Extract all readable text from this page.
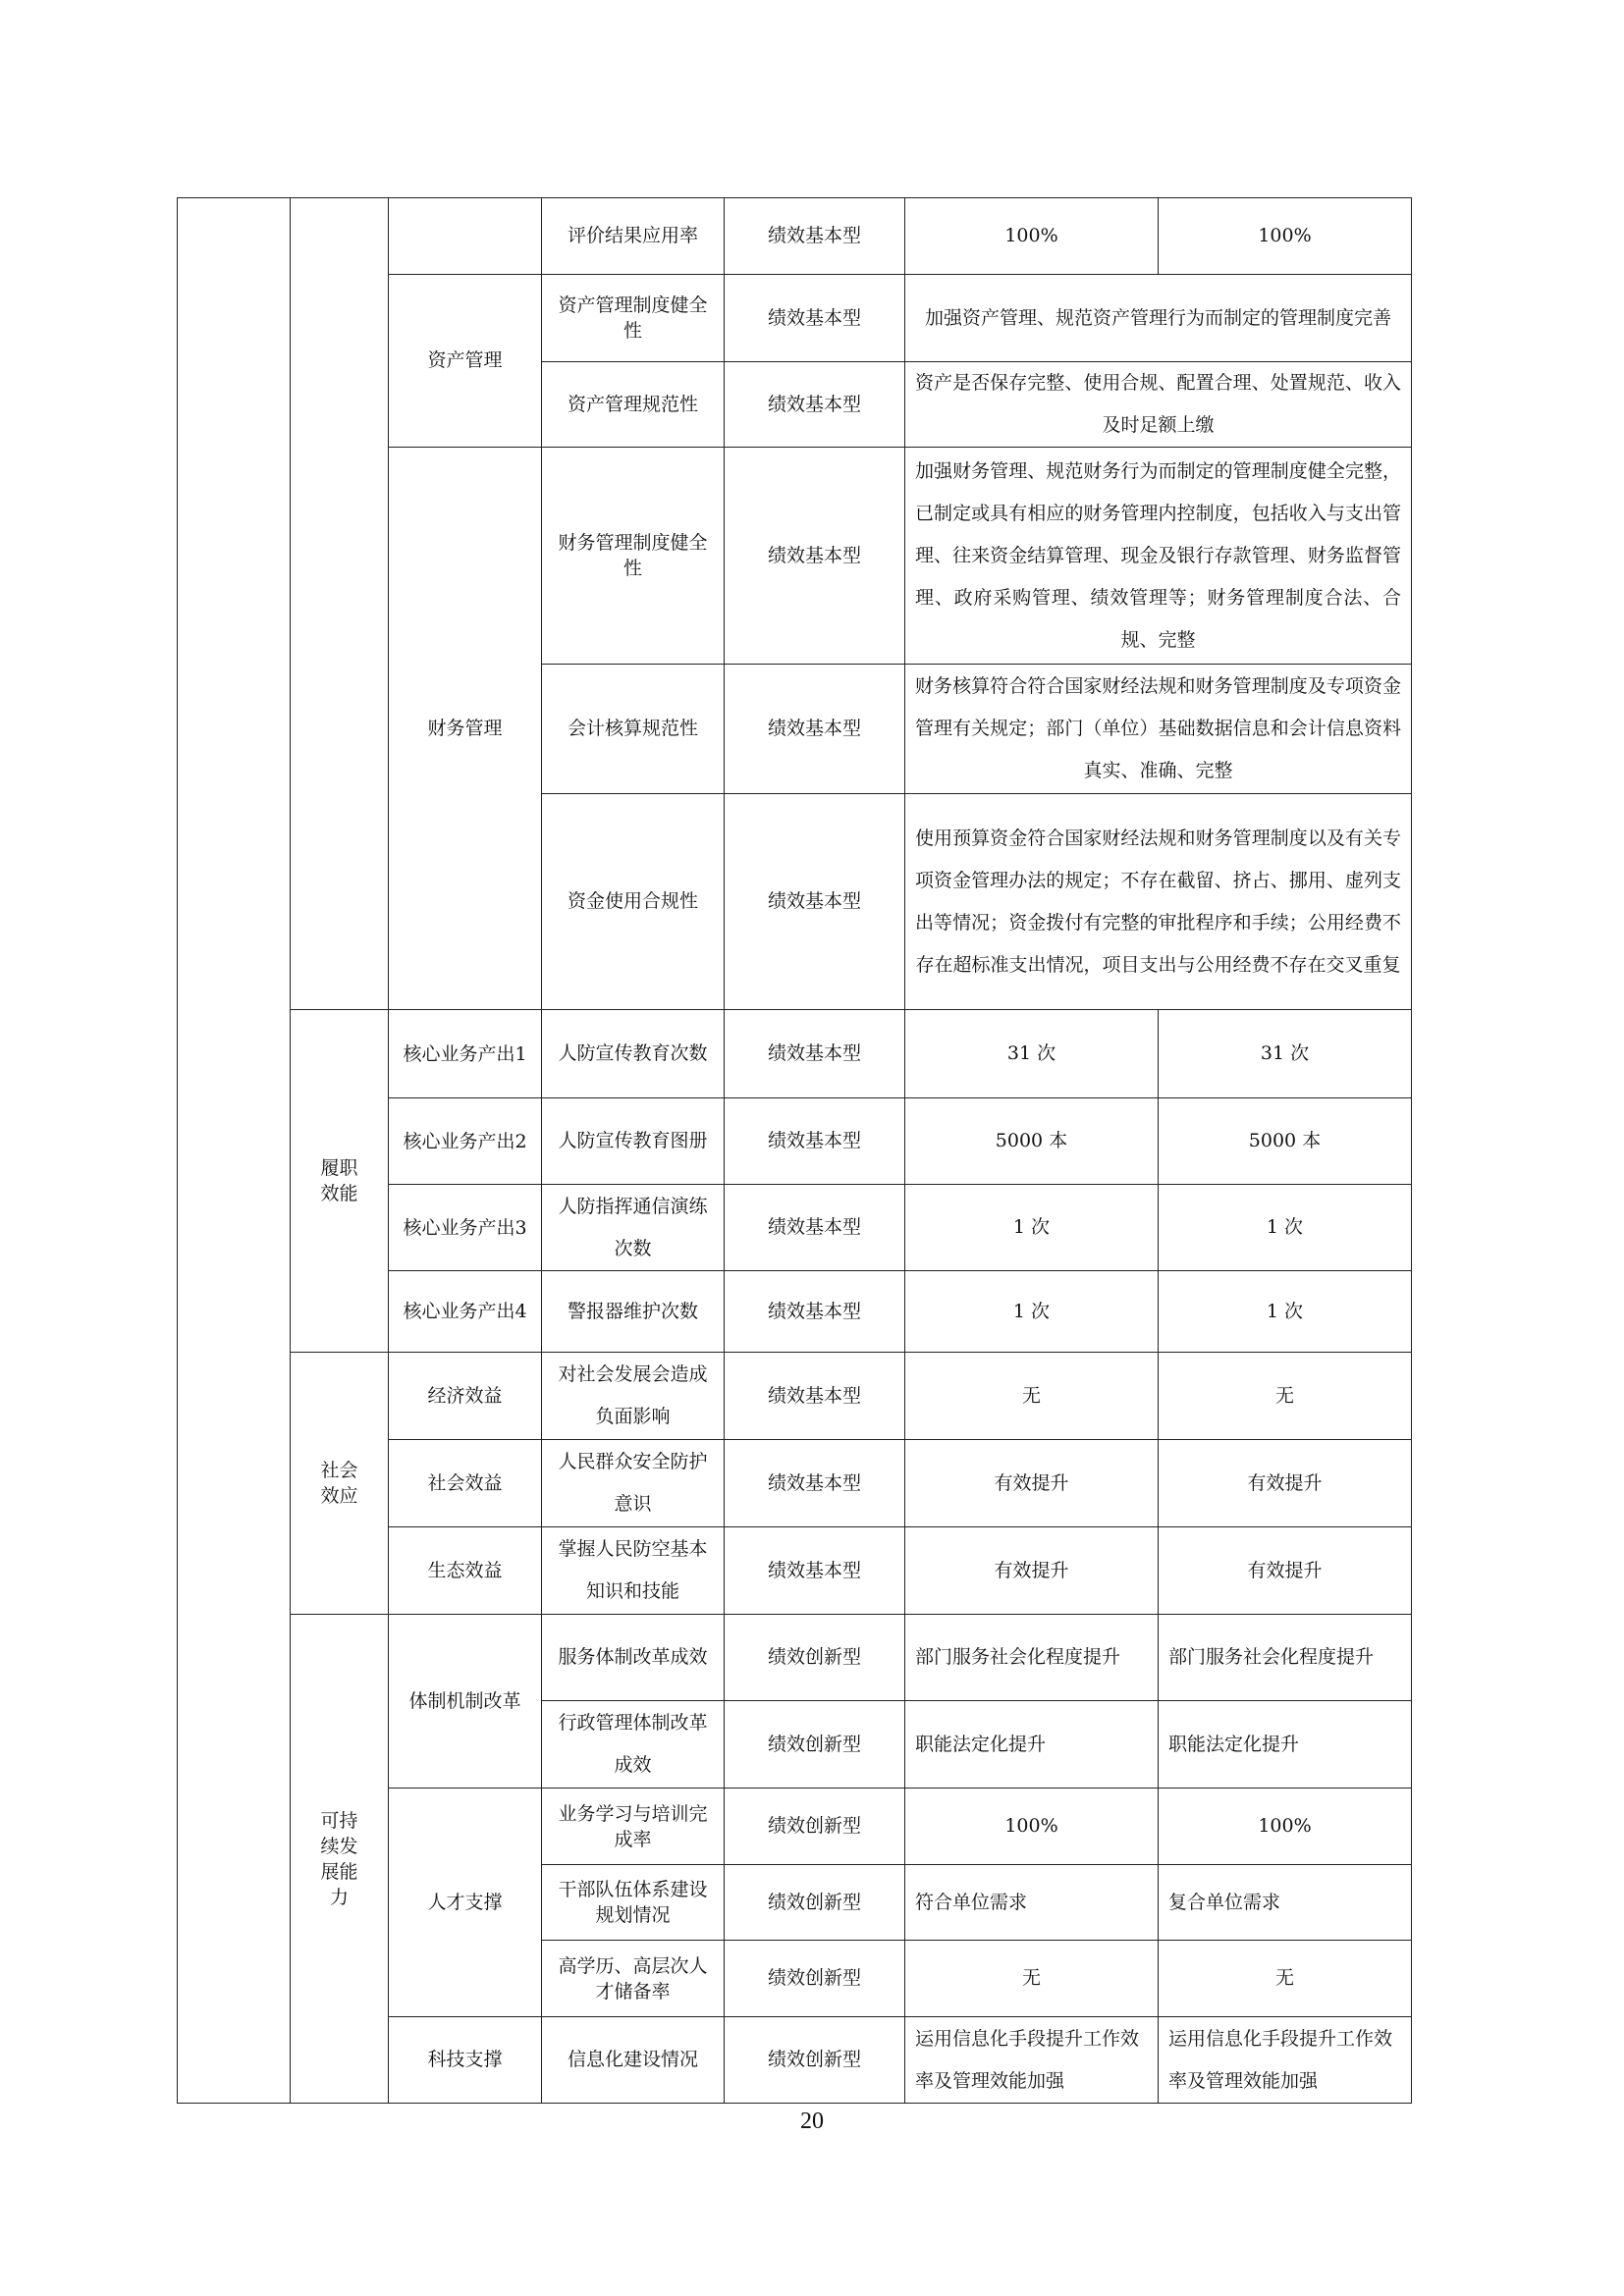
			评价结果应用率	绩效基本型	100%	100%
		资产管理	资产管理制度健全性	绩效基本型	加强资产管理、规范资产管理行为而制定的管理制度完善	
			资产管理规范性	绩效基本型	资产是否保存完整、使用合规、配置合理、处置规范、收入及时足额上缴	
		财务管理	财务管理制度健全性	绩效基本型	加强财务管理、规范财务行为而制定的管理制度健全完整，已制定或具有相应的财务管理内控制度，包括收入与支出管理、往来资金结算管理、现金及银行存款管理、财务监督管理、政府采购管理、绩效管理等；财务管理制度合法、合规、完整	
			会计核算规范性	绩效基本型	财务核算符合符合国家财经法规和财务管理制度及专项资金管理有关规定；部门（单位）基础数据信息和会计信息资料真实、准确、完整	
			资金使用合规性	绩效基本型	使用预算资金符合国家财经法规和财务管理制度以及有关专项资金管理办法的规定；不存在截留、挤占、挪用、虚列支出等情况；资金拨付有完整的审批程序和手续；公用经费不存在超标准支出情况，项目支出与公用经费不存在交叉重复	
	履职效能	核心业务产出1	人防宣传教育次数	绩效基本型	31 次	31 次
		核心业务产出2	人防宣传教育图册	绩效基本型	5000 本	5000 本
		核心业务产出3	人防指挥通信演练次数	绩效基本型	1 次	1 次
		核心业务产出4	警报器维护次数	绩效基本型	1 次	1 次
	社会效应	经济效益	对社会发展会造成负面影响	绩效基本型	无	无
		社会效益	人民群众安全防护意识	绩效基本型	有效提升	有效提升
		生态效益	掌握人民防空基本知识和技能	绩效基本型	有效提升	有效提升
	可持续发展能力	体制机制改革	服务体制改革成效	绩效创新型	部门服务社会化程度提升	部门服务社会化程度提升
			行政管理体制改革成效	绩效创新型	职能法定化提升	职能法定化提升
		人才支撑	业务学习与培训完成率	绩效创新型	100%	100%
			干部队伍体系建设规划情况	绩效创新型	符合单位需求	复合单位需求
			高学历、高层次人才储备率	绩效创新型	无	无
		科技支撑	信息化建设情况	绩效创新型	运用信息化手段提升工作效率及管理效能加强	运用信息化手段提升工作效率及管理效能加强
20
